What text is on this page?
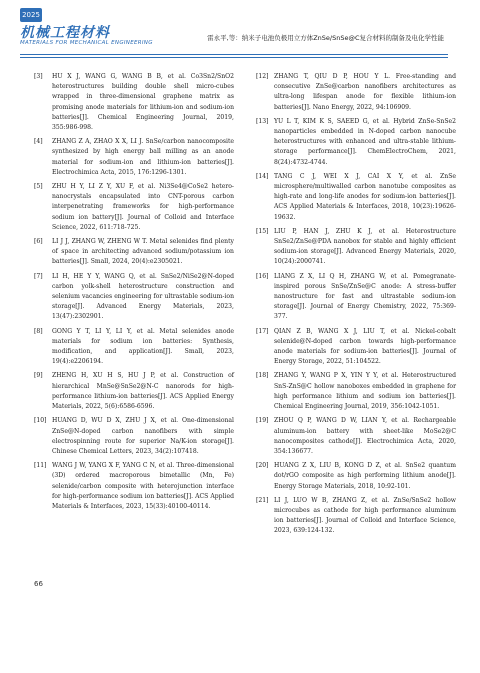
2025
机械工程材料
MATERIALS FOR MECHANICAL ENGINEERING
雷永平,等：纳米子电池负极用立方体ZnSe/SnSe@C复合材料的制备及电化学性能
[3] HU X J, WANG G, WANG B B, et al. Co3Sn2/SnO2 heterostructures building double shell micro-cubes wrapped in three-dimensional graphene matrix as promising anode materials for lithium-ion and sodium-ion batteries[J]. Chemical Engineering Journal, 2019, 355:986-998.
[4] ZHANG Z A, ZHAO X X, LI J. SnSe/carbon nanocomposite synthesized by high energy ball milling as an anode material for sodium-ion and lithium-ion batteries[J]. Electrochimica Acta, 2015, 176:1296-1301.
[5] ZHU H Y, LI Z Y, XU F, et al. Ni3Se4@CoSe2 hetero-nanocrystals encapsulated into CNT-porous carbon interpenetrating frameworks for high-performance sodium ion battery[J]. Journal of Colloid and Interface Science, 2022, 611:718-725.
[6] LI J J, ZHANG W, ZHENG W T. Metal selenides find plenty of space in architecting advanced sodium/potassium ion batteries[J]. Small, 2024, 20(4):e2305021.
[7] LI H, HE Y Y, WANG Q, et al. SnSe2/NiSe2@N-doped carbon yolk-shell heterostructure construction and selenium vacancies engineering for ultrastable sodium-ion storage[J]. Advanced Energy Materials, 2023, 13(47):2302901.
[8] GONG Y T, LI Y, LI Y, et al. Metal selenides anode materials for sodium ion batteries: Synthesis, modification, and application[J]. Small, 2023, 19(4):e2206194.
[9] ZHENG H, XU H S, HU J P, et al. Construction of hierarchical MnSe@SnSe2@N-C nanorods for high-performance lithium-ion batteries[J]. ACS Applied Energy Materials, 2022, 5(6):6586-6596.
[10] HUANG D, WU D X, ZHU J X, et al. One-dimensional ZnSe@N-doped carbon nanofibers with simple electrospinning route for superior Na/K-ion storage[J]. Chinese Chemical Letters, 2023, 34(2):107418.
[11] WANG J W, YANG X F, YANG C N, et al. Three-dimensional (3D) ordered macroporous bimetallic (Mn, Fe) selenide/carbon composite with heterojunction interface for high-performance sodium ion batteries[J]. ACS Applied Materials & Interfaces, 2023, 15(33):40100-40114.
[12] ZHANG T, QIU D P, HOU Y L. Free-standing and consecutive ZnSe@carbon nanofibers architectures as ultra-long lifespan anode for flexible lithium-ion batteries[J]. Nano Energy, 2022, 94:106909.
[13] YU L T, KIM K S, SAEED G, et al. Hybrid ZnSe-SnSe2 nanoparticles embedded in N-doped carbon nanocube heterostructures with enhanced and ultra-stable lithium-storage performance[J]. ChemElectroChem, 2021, 8(24):4732-4744.
[14] TANG C J, WEI X J, CAI X Y, et al. ZnSe microsphere/multiwalled carbon nanotube composites as high-rate and long-life anodes for sodium-ion batteries[J]. ACS Applied Materials & Interfaces, 2018, 10(23):19626-19632.
[15] LIU P, HAN J, ZHU K J, et al. Heterostructure SnSe2/ZnSe@PDA nanobox for stable and highly efficient sodium-ion storage[J]. Advanced Energy Materials, 2020, 10(24):2000741.
[16] LIANG Z X, LI Q H, ZHANG W, et al. Pomegranate-inspired porous SnSe/ZnSe@C anode: A stress-buffer nanostructure for fast and ultrastable sodium-ion storage[J]. Journal of Energy Chemistry, 2022, 75:369-377.
[17] QIAN Z B, WANG X J, LIU T, et al. Nickel-cobalt selenide@N-doped carbon towards high-performance anode materials for sodium-ion batteries[J]. Journal of Energy Storage, 2022, 51:104522.
[18] ZHANG Y, WANG P X, YIN Y Y, et al. Heterostructured SnS-ZnS@C hollow nanoboxes embedded in graphene for high performance lithium and sodium ion batteries[J]. Chemical Engineering Journal, 2019, 356:1042-1051.
[19] ZHOU Q P, WANG D W, LIAN Y, et al. Rechargeable aluminum-ion battery with sheet-like MoSe2@C nanocomposites cathode[J]. Electrochimica Acta, 2020, 354:136677.
[20] HUANG Z X, LIU B, KONG D Z, et al. SnSe2 quantum dot/rGO composite as high performing lithium anode[J]. Energy Storage Materials, 2018, 10:92-101.
[21] LI J, LUO W B, ZHANG Z, et al. ZnSe/SnSe2 hollow microcubes as cathode for high performance aluminum ion batteries[J]. Journal of Colloid and Interface Science, 2023, 639:124-132.
66
